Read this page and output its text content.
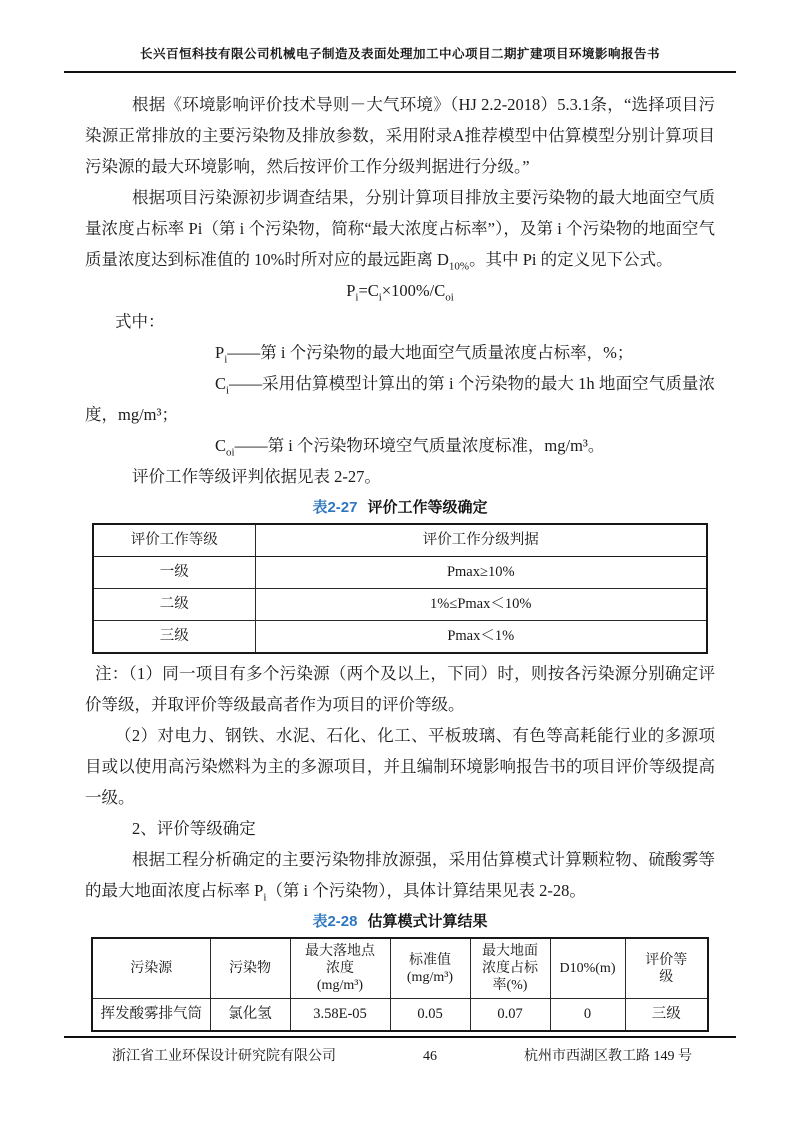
长兴百恒科技有限公司机械电子制造及表面处理加工中心项目二期扩建项目环境影响报告书

根据《环境影响评价技术导则－大气环境》（HJ 2.2-2018）5.3.1条，“选择项目污染源正常排放的主要污染物及排放参数，采用附录A推荐模型中估算模型分别计算项目污染源的最大环境影响，然后按评价工作分级判据进行分级。”

根据项目污染源初步调查结果，分别计算项目排放主要污染物的最大地面空气质量浓度占标率 Pi（第 i 个污染物，简称“最大浓度占标率”），及第 i 个污染物的地面空气质量浓度达到标准值的 10%时所对应的最远距离 $D_{10\%}$。其中 Pi 的定义见下公式。

$P_i=C_i\times 100\%/C_{oi}$

式中：

$P_i——$第 i 个污染物的最大地面空气质量浓度占标率，%；

$C_i——$采用估算模型计算出的第 i 个污染物的最大 1h 地面空气质量浓度，mg/m³；

$C_{oi}——$第 i 个污染物环境空气质量浓度标准，mg/m³。

评价工作等级评判依据见表 2-27。

表2-27 评价工作等级确定

评价工作等级	评价工作分级判据
一级	Pmax≥10%
二级	1%≤Pmax＜10%
三级	Pmax＜1%

注：（1）同一项目有多个污染源（两个及以上，下同）时，则按各污染源分别确定评价等级，并取评价等级最高者作为项目的评价等级。

（2）对电力、钢铁、水泥、石化、化工、平板玻璃、有色等高耗能行业的多源项目或以使用高污染燃料为主的多源项目，并且编制环境影响报告书的项目评价等级提高一级。

2、评价等级确定

根据工程分析确定的主要污染物排放源强，采用估算模式计算颗粒物、硫酸雾等的最大地面浓度占标率 $P_i$（第 i 个污染物），具体计算结果见表 2-28。

表2-28 估算模式计算结果

污染源	污染物	最大落地点浓度(mg/m³)	标准值(mg/m³)	最大地面浓度占标率(%)	D10%(m)	评价等级
挥发酸雾排气筒	氯化氢	3.58E-05	0.05	0.07	0	三级
浙江省工业环保设计研究院有限公司	46	杭州市西湖区教工路 149 号
